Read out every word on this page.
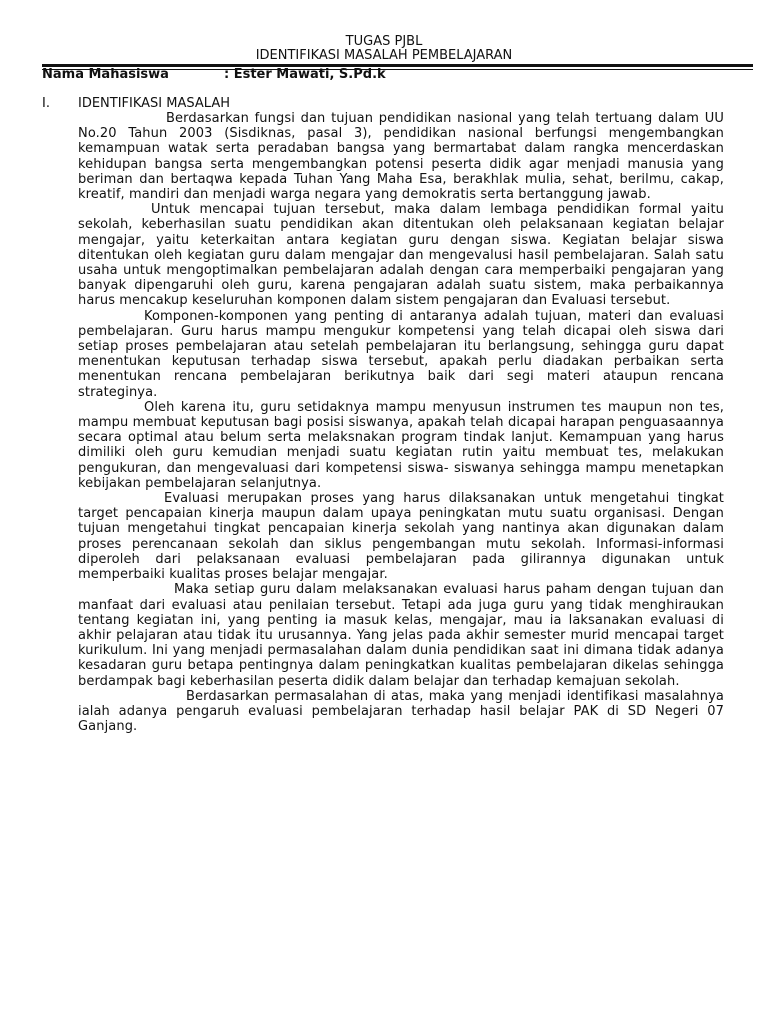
TUGAS PJBL
IDENTIFIKASI MASALAH PEMBELAJARAN
Nama Mahasiswa	: Ester Mawati, S.Pd.k
I. IDENTIFIKASI MASALAH

Berdasarkan fungsi dan tujuan pendidikan nasional yang telah tertuang dalam UU No.20 Tahun 2003 (Sisdiknas, pasal 3), pendidikan nasional berfungsi mengembangkan kemampuan watak serta peradaban bangsa yang bermartabat dalam rangka mencerdaskan kehidupan bangsa serta mengembangkan potensi peserta didik agar menjadi manusia yang beriman dan bertaqwa kepada Tuhan Yang Maha Esa, berakhlak mulia, sehat, berilmu, cakap, kreatif, mandiri dan menjadi warga negara yang demokratis serta bertanggung jawab.

Untuk mencapai tujuan tersebut, maka dalam lembaga pendidikan formal yaitu sekolah, keberhasilan suatu pendidikan akan ditentukan oleh pelaksanaan kegiatan belajar mengajar, yaitu keterkaitan antara kegiatan guru dengan siswa. Kegiatan belajar siswa ditentukan oleh kegiatan guru dalam mengajar dan mengevalusi hasil pembelajaran. Salah satu usaha untuk mengoptimalkan pembelajaran adalah dengan cara memperbaiki pengajaran yang banyak dipengaruhi oleh guru, karena pengajaran adalah suatu sistem, maka perbaikannya harus mencakup keseluruhan komponen dalam sistem pengajaran dan Evaluasi tersebut.

Komponen-komponen yang penting di antaranya adalah tujuan, materi dan evaluasi pembelajaran. Guru harus mampu mengukur kompetensi yang telah dicapai oleh siswa dari setiap proses pembelajaran atau setelah pembelajaran itu berlangsung, sehingga guru dapat menentukan keputusan terhadap siswa tersebut, apakah perlu diadakan perbaikan serta menentukan rencana pembelajaran berikutnya baik dari segi materi ataupun rencana strateginya.

Oleh karena itu, guru setidaknya mampu menyusun instrumen tes maupun non tes, mampu membuat keputusan bagi posisi siswanya, apakah telah dicapai harapan penguasaannya secara optimal atau belum serta melaksnakan program tindak lanjut. Kemampuan yang harus dimiliki oleh guru kemudian menjadi suatu kegiatan rutin yaitu membuat tes, melakukan pengukuran, dan mengevaluasi dari kompetensi siswa- siswanya sehingga mampu menetapkan kebijakan pembelajaran selanjutnya.

Evaluasi merupakan proses yang harus dilaksanakan untuk mengetahui tingkat target pencapaian kinerja maupun dalam upaya peningkatan mutu suatu organisasi. Dengan tujuan mengetahui tingkat pencapaian kinerja sekolah yang nantinya akan digunakan dalam proses perencanaan sekolah dan siklus pengembangan mutu sekolah. Informasi-informasi diperoleh dari pelaksanaan evaluasi pembelajaran pada gilirannya digunakan untuk memperbaiki kualitas proses belajar mengajar.

Maka setiap guru dalam melaksanakan evaluasi harus paham dengan tujuan dan manfaat dari evaluasi atau penilaian tersebut. Tetapi ada juga guru yang tidak menghiraukan tentang kegiatan ini, yang penting ia masuk kelas, mengajar, mau ia laksanakan evaluasi di akhir pelajaran atau tidak itu urusannya. Yang jelas pada akhir semester murid mencapai target kurikulum. Ini yang menjadi permasalahan dalam dunia pendidikan saat ini dimana tidak adanya kesadaran guru betapa pentingnya dalam peningkatkan kualitas pembelajaran dikelas sehingga berdampak bagi keberhasilan peserta didik dalam belajar dan terhadap kemajuan sekolah.

Berdasarkan permasalahan di atas, maka yang menjadi identifikasi masalahnya ialah adanya pengaruh evaluasi pembelajaran terhadap hasil belajar PAK di SD Negeri 07 Ganjang.
